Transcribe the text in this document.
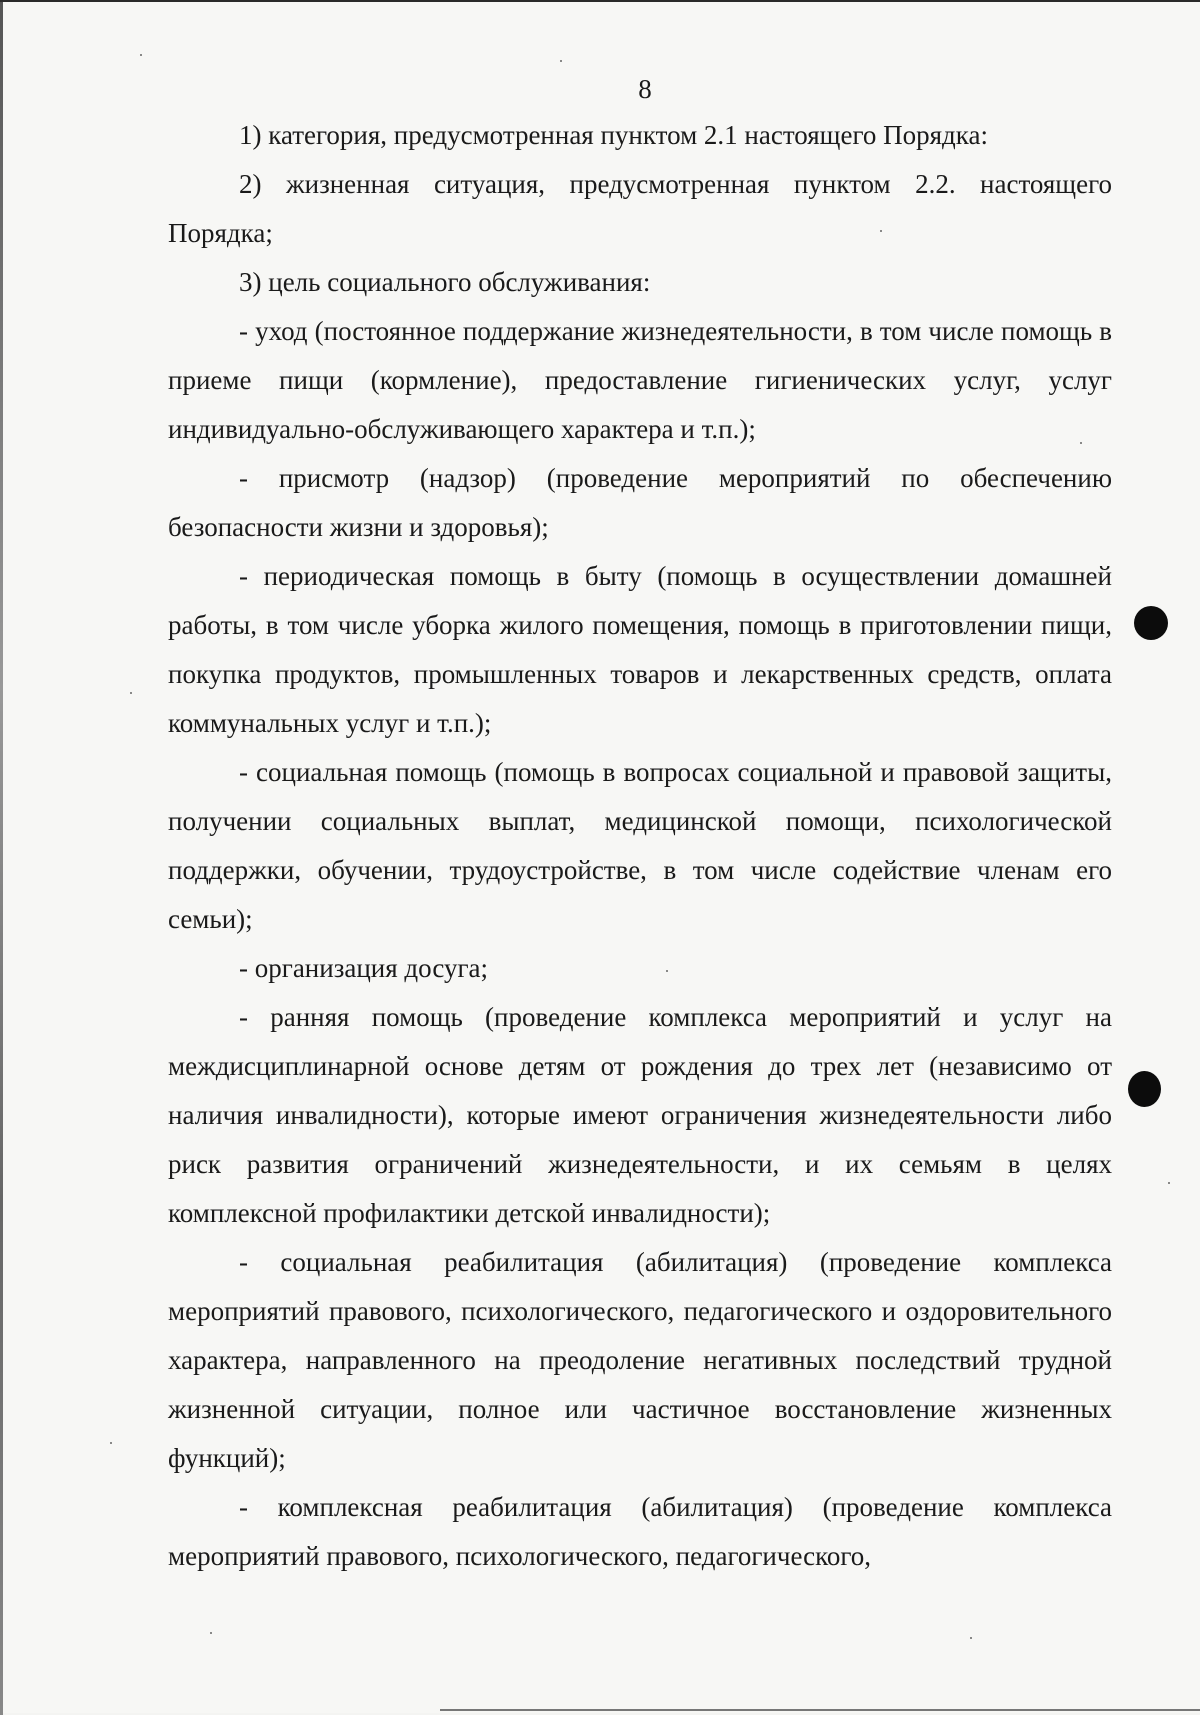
8

1) категория, предусмотренная пунктом 2.1 настоящего Порядка:

2) жизненная ситуация, предусмотренная пунктом 2.2. настоящего Порядка;

3) цель социального обслуживания:

- уход (постоянное поддержание жизнедеятельности, в том числе помощь в приеме пищи (кормление), предоставление гигиенических услуг, услуг индивидуально-обслуживающего характера и т.п.);

- присмотр (надзор) (проведение мероприятий по обеспечению безопасности жизни и здоровья);

- периодическая помощь в быту (помощь в осуществлении домашней работы, в том числе уборка жилого помещения, помощь в приготовлении пищи, покупка продуктов, промышленных товаров и лекарственных средств, оплата коммунальных услуг и т.п.);

- социальная помощь (помощь в вопросах социальной и правовой защиты, получении социальных выплат, медицинской помощи, психологической поддержки, обучении, трудоустройстве, в том числе содействие членам его семьи);

- организация досуга;

- ранняя помощь (проведение комплекса мероприятий и услуг на междисциплинарной основе детям от рождения до трех лет (независимо от наличия инвалидности), которые имеют ограничения жизнедеятельности либо риск развития ограничений жизнедеятельности, и их семьям в целях комплексной профилактики детской инвалидности);

- социальная реабилитация (абилитация) (проведение комплекса мероприятий правового, психологического, педагогического и оздоровительного характера, направленного на преодоление негативных последствий трудной жизненной ситуации, полное или частичное восстановление жизненных функций);

- комплексная реабилитация (абилитация) (проведение комплекса мероприятий правового, психологического, педагогического,
